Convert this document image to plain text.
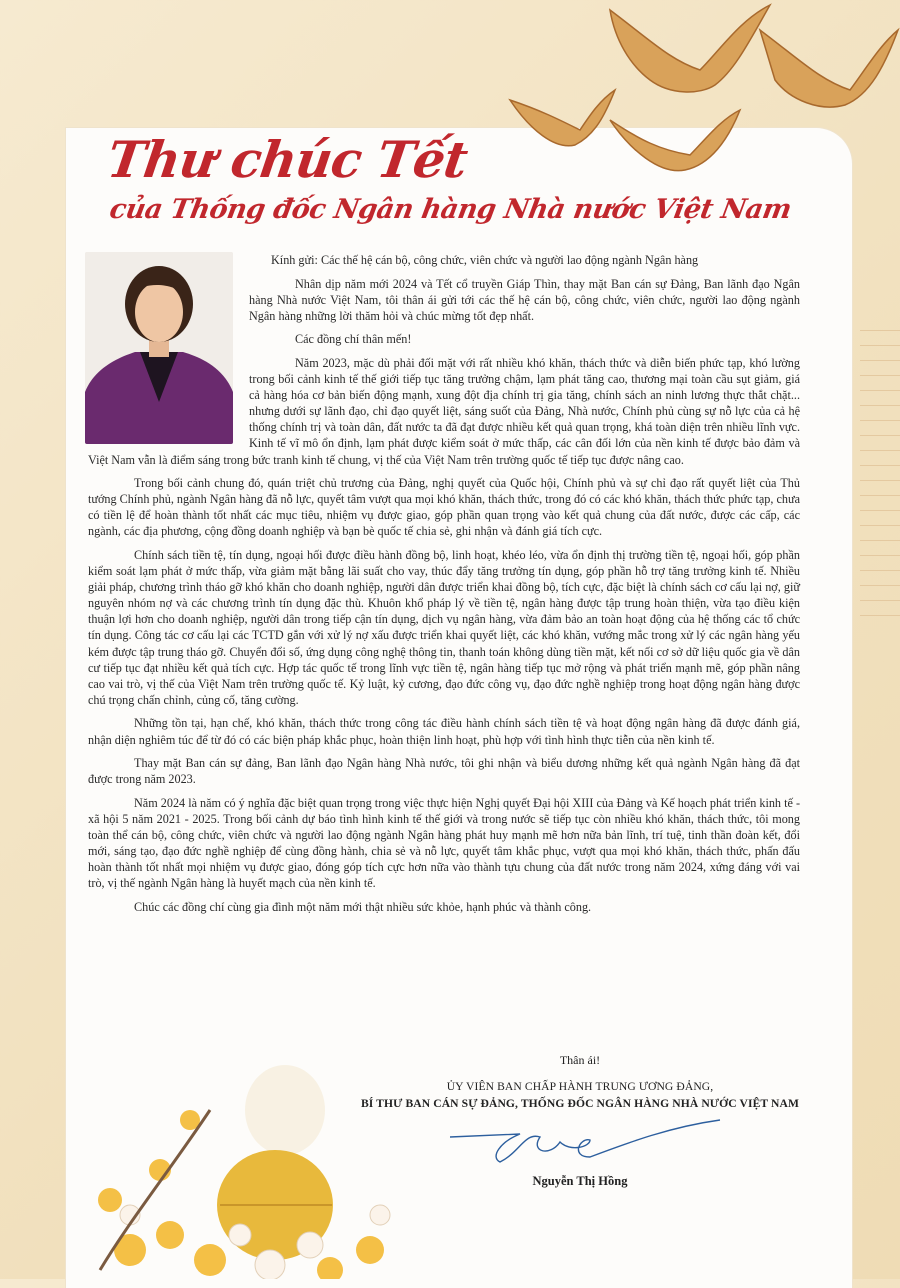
Thư chúc Tết
của Thống đốc Ngân hàng Nhà nước Việt Nam

Kính gửi: Các thế hệ cán bộ, công chức, viên chức và người lao động ngành Ngân hàng

Nhân dịp năm mới 2024 và Tết cổ truyền Giáp Thìn, thay mặt Ban cán sự Đảng, Ban lãnh đạo Ngân hàng Nhà nước Việt Nam, tôi thân ái gửi tới các thế hệ cán bộ, công chức, viên chức, người lao động ngành Ngân hàng những lời thăm hỏi và chúc mừng tốt đẹp nhất.

Các đồng chí thân mến!

Năm 2023, mặc dù phải đối mặt với rất nhiều khó khăn, thách thức và diễn biến phức tạp, khó lường trong bối cảnh kinh tế thế giới tiếp tục tăng trưởng chậm, lạm phát tăng cao, thương mại toàn cầu sụt giảm, giá cả hàng hóa cơ bản biến động mạnh, xung đột địa chính trị gia tăng, chính sách an ninh lương thực thắt chặt... nhưng dưới sự lãnh đạo, chỉ đạo quyết liệt, sáng suốt của Đảng, Nhà nước, Chính phủ cùng sự nỗ lực của cả hệ thống chính trị và toàn dân, đất nước ta đã đạt được nhiều kết quả quan trọng, khá toàn diện trên nhiều lĩnh vực. Kinh tế vĩ mô ổn định, lạm phát được kiểm soát ở mức thấp, các cân đối lớn của nền kinh tế được bảo đảm và Việt Nam vẫn là điểm sáng trong bức tranh kinh tế chung, vị thế của Việt Nam trên trường quốc tế tiếp tục được nâng cao.

Trong bối cảnh chung đó, quán triệt chủ trương của Đảng, nghị quyết của Quốc hội, Chính phủ và sự chỉ đạo rất quyết liệt của Thủ tướng Chính phủ, ngành Ngân hàng đã nỗ lực, quyết tâm vượt qua mọi khó khăn, thách thức, trong đó có các khó khăn, thách thức phức tạp, chưa có tiền lệ để hoàn thành tốt nhất các mục tiêu, nhiệm vụ được giao, góp phần quan trọng vào kết quả chung của đất nước, được các cấp, các ngành, các địa phương, cộng đồng doanh nghiệp và bạn bè quốc tế chia sẻ, ghi nhận và đánh giá tích cực.

Chính sách tiền tệ, tín dụng, ngoại hối được điều hành đồng bộ, linh hoạt, khéo léo, vừa ổn định thị trường tiền tệ, ngoại hối, góp phần kiểm soát lạm phát ở mức thấp, vừa giảm mặt bằng lãi suất cho vay, thúc đẩy tăng trưởng tín dụng, góp phần hỗ trợ tăng trưởng kinh tế. Nhiều giải pháp, chương trình tháo gỡ khó khăn cho doanh nghiệp, người dân được triển khai đồng bộ, tích cực, đặc biệt là chính sách cơ cấu lại nợ, giữ nguyên nhóm nợ và các chương trình tín dụng đặc thù. Khuôn khổ pháp lý về tiền tệ, ngân hàng được tập trung hoàn thiện, vừa tạo điều kiện thuận lợi hơn cho doanh nghiệp, người dân trong tiếp cận tín dụng, dịch vụ ngân hàng, vừa đảm bảo an toàn hoạt động của hệ thống các tổ chức tín dụng. Công tác cơ cấu lại các TCTD gắn với xử lý nợ xấu được triển khai quyết liệt, các khó khăn, vướng mắc trong xử lý các ngân hàng yếu kém được tập trung tháo gỡ. Chuyển đổi số, ứng dụng công nghệ thông tin, thanh toán không dùng tiền mặt, kết nối cơ sở dữ liệu quốc gia về dân cư tiếp tục đạt nhiều kết quả tích cực. Hợp tác quốc tế trong lĩnh vực tiền tệ, ngân hàng tiếp tục mở rộng và phát triển mạnh mẽ, góp phần nâng cao vai trò, vị thế của Việt Nam trên trường quốc tế. Kỷ luật, kỷ cương, đạo đức công vụ, đạo đức nghề nghiệp trong hoạt động ngân hàng được chú trọng chấn chỉnh, củng cố, tăng cường.

Những tồn tại, hạn chế, khó khăn, thách thức trong công tác điều hành chính sách tiền tệ và hoạt động ngân hàng đã được đánh giá, nhận diện nghiêm túc để từ đó có các biện pháp khắc phục, hoàn thiện linh hoạt, phù hợp với tình hình thực tiễn của nền kinh tế.

Thay mặt Ban cán sự đảng, Ban lãnh đạo Ngân hàng Nhà nước, tôi ghi nhận và biểu dương những kết quả ngành Ngân hàng đã đạt được trong năm 2023.

Năm 2024 là năm có ý nghĩa đặc biệt quan trọng trong việc thực hiện Nghị quyết Đại hội XIII của Đảng và Kế hoạch phát triển kinh tế - xã hội 5 năm 2021 - 2025. Trong bối cảnh dự báo tình hình kinh tế thế giới và trong nước sẽ tiếp tục còn nhiều khó khăn, thách thức, tôi mong toàn thể cán bộ, công chức, viên chức và người lao động ngành Ngân hàng phát huy mạnh mẽ hơn nữa bản lĩnh, trí tuệ, tinh thần đoàn kết, đổi mới, sáng tạo, đạo đức nghề nghiệp để cùng đồng hành, chia sẻ và nỗ lực, quyết tâm khắc phục, vượt qua mọi khó khăn, thách thức, phấn đấu hoàn thành tốt nhất mọi nhiệm vụ được giao, đóng góp tích cực hơn nữa vào thành tựu chung của đất nước trong năm 2024, xứng đáng với vai trò, vị thế ngành Ngân hàng là huyết mạch của nền kinh tế.

Chúc các đồng chí cùng gia đình một năm mới thật nhiều sức khỏe, hạnh phúc và thành công.

Thân ái!
ỦY VIÊN BAN CHẤP HÀNH TRUNG ƯƠNG ĐẢNG,
BÍ THƯ BAN CÁN SỰ ĐẢNG, THỐNG ĐỐC NGÂN HÀNG NHÀ NƯỚC VIỆT NAM
Nguyễn Thị Hồng
